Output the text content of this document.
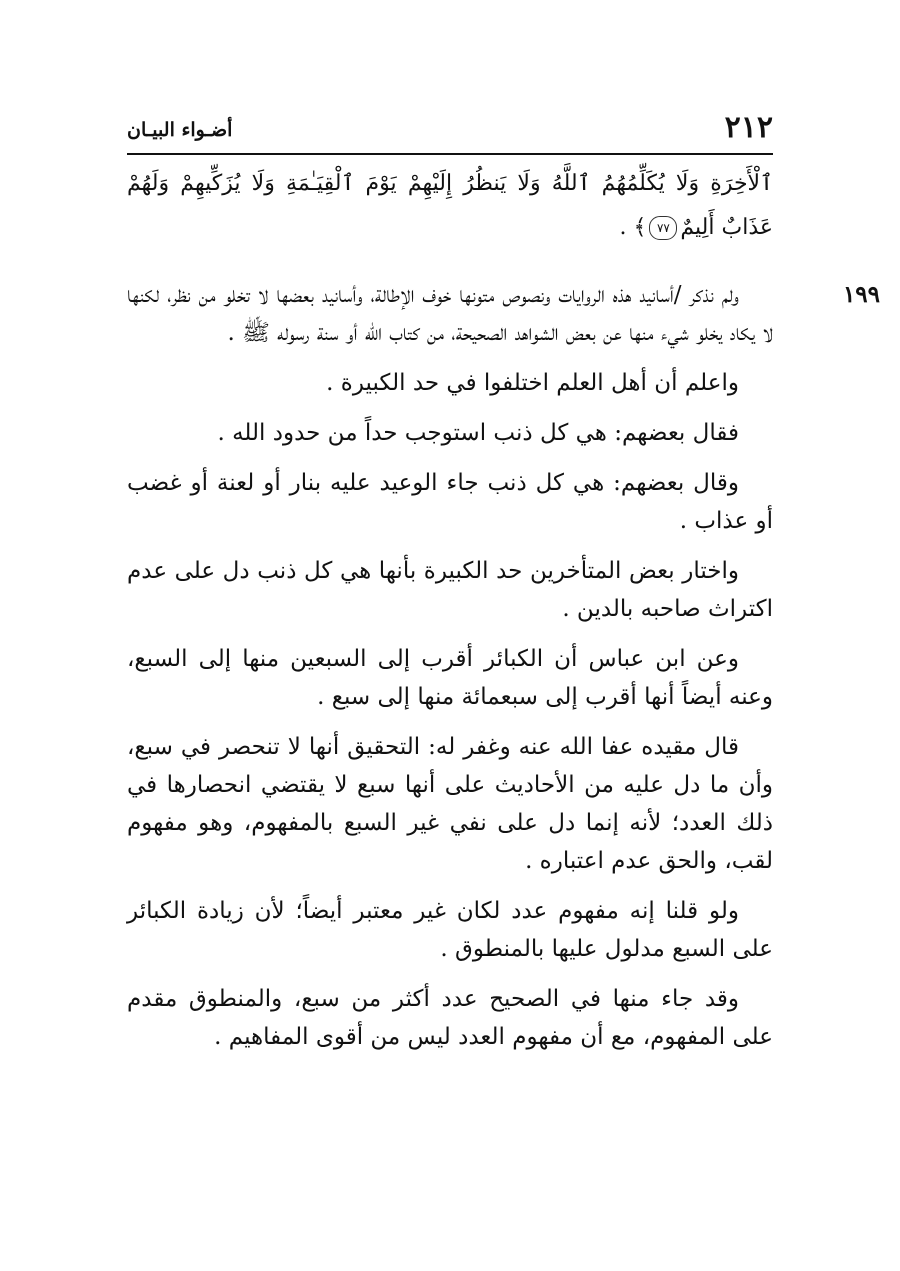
٢١٢
أضـواء البيـان
١٩٩

ٱلْأَخِرَةِ وَلَا يُكَلِّمُهُمُ ٱللَّهُ وَلَا يَنظُرُ إِلَيْهِمْ يَوْمَ ٱلْقِيَـٰمَةِ وَلَا يُزَكِّيهِمْ وَلَهُمْ عَذَابٌ أَلِيمٌ٧٧﴾ .

ولم نذكر /أسانيد هذه الروايات ونصوص متونها خوف الإطالة، وأسانيد بعضها لا تخلو من نظر، لكنها لا يكاد يخلو شيء منها عن بعض الشواهد الصحيحة، من كتاب الله أو سنة رسوله ﷺ .

واعلم أن أهل العلم اختلفوا في حد الكبيرة .

فقال بعضهم: هي كل ذنب استوجب حداً من حدود الله .

وقال بعضهم: هي كل ذنب جاء الوعيد عليه بنار أو لعنة أو غضب أو عذاب .

واختار بعض المتأخرين حد الكبيرة بأنها هي كل ذنب دل على عدم اكتراث صاحبه بالدين .

وعن ابن عباس أن الكبائر أقرب إلى السبعين منها إلى السبع، وعنه أيضاً أنها أقرب إلى سبعمائة منها إلى سبع .

قال مقيده عفا الله عنه وغفر له: التحقيق أنها لا تنحصر في سبع، وأن ما دل عليه من الأحاديث على أنها سبع لا يقتضي انحصارها في ذلك العدد؛ لأنه إنما دل على نفي غير السبع بالمفهوم، وهو مفهوم لقب، والحق عدم اعتباره .

ولو قلنا إنه مفهوم عدد لكان غير معتبر أيضاً؛ لأن زيادة الكبائر على السبع مدلول عليها بالمنطوق .

وقد جاء منها في الصحيح عدد أكثر من سبع، والمنطوق مقدم على المفهوم، مع أن مفهوم العدد ليس من أقوى المفاهيم .
